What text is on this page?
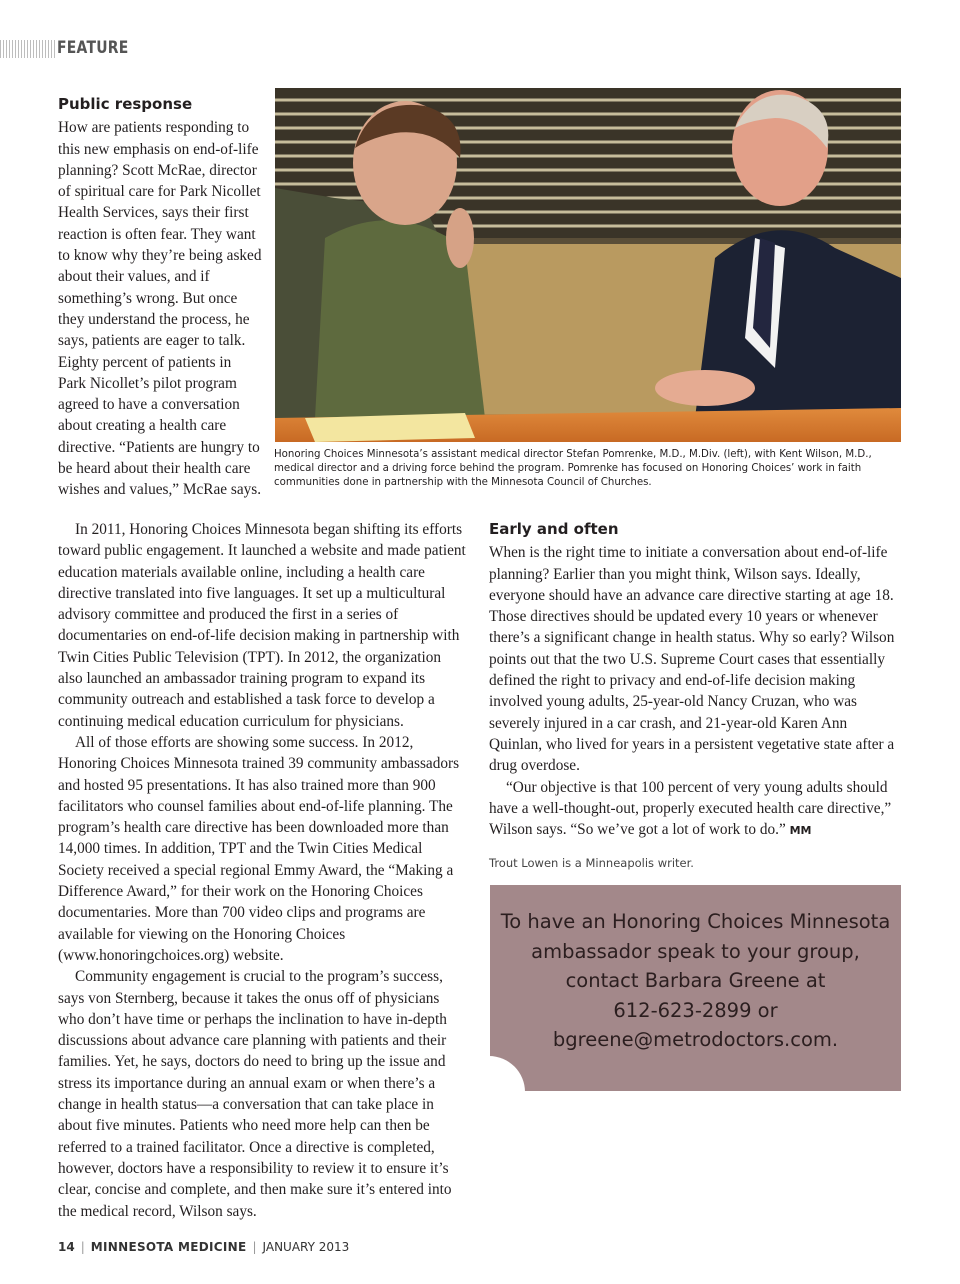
FEATURE
Public response

How are patients responding to this new emphasis on end-of-life planning? Scott McRae, director of spiritual care for Park Nicollet Health Services, says their first reaction is often fear. They want to know why they’re being asked about their values, and if something’s wrong. But once they understand the process, he says, patients are eager to talk. Eighty percent of patients in Park Nicollet’s pilot program agreed to have a conversation about creating a health care directive. “Patients are hungry to be heard about their health care wishes and values,” McRae says.

Honoring Choices Minnesota’s assistant medical director Stefan Pomrenke, M.D., M.Div. (left), with Kent Wilson, M.D., medical director and a driving force behind the program. Pomrenke has focused on Honoring Choices’ work in faith communities done in partnership with the Minnesota Council of Churches.

In 2011, Honoring Choices Minnesota began shifting its efforts toward public engagement. It launched a website and made patient education materials available online, including a health care directive translated into five languages. It set up a multicultural advisory committee and produced the first in a series of documentaries on end-of-life decision making in partnership with Twin Cities Public Television (TPT). In 2012, the organization also launched an ambassador training program to expand its community outreach and established a task force to develop a continuing medical education curriculum for physicians.

All of those efforts are showing some success. In 2012, Honoring Choices Minnesota trained 39 community ambassadors and hosted 95 presentations. It has also trained more than 900 facilitators who counsel families about end-of-life planning. The program’s health care directive has been downloaded more than 14,000 times. In addition, TPT and the Twin Cities Medical Society received a special regional Emmy Award, the “Making a Difference Award,” for their work on the Honoring Choices documentaries. More than 700 video clips and programs are available for viewing on the Honoring Choices (www.honoringchoices.org) website.

Community engagement is crucial to the program’s success, says von Sternberg, because it takes the onus off of physicians who don’t have time or perhaps the inclination to have in-depth discussions about advance care planning with patients and their families. Yet, he says, doctors do need to bring up the issue and stress its importance during an annual exam or when there’s a change in health status—a conversation that can take place in about five minutes. Patients who need more help can then be referred to a trained facilitator. Once a directive is completed, however, doctors have a responsibility to review it to ensure it’s clear, concise and complete, and then make sure it’s entered into the medical record, Wilson says.

Early and often

When is the right time to initiate a conversation about end-of-life planning? Earlier than you might think, Wilson says. Ideally, everyone should have an advance care directive starting at age 18. Those directives should be updated every 10 years or whenever there’s a significant change in health status. Why so early? Wilson points out that the two U.S. Supreme Court cases that essentially defined the right to privacy and end-of-life decision making involved young adults, 25-year-old Nancy Cruzan, who was severely injured in a car crash, and 21-year-old Karen Ann Quinlan, who lived for years in a persistent vegetative state after a drug overdose.

“Our objective is that 100 percent of very young adults should have a well-thought-out, properly executed health care directive,” Wilson says. “So we’ve got a lot of work to do.” MM

Trout Lowen is a Minneapolis writer.

To have an Honoring Choices Minnesota
ambassador speak to your group,
contact Barbara Greene at
612-623-2899 or
bgreene@metrodoctors.com.
14 | MINNESOTA MEDICINE | JANUARY 2013
